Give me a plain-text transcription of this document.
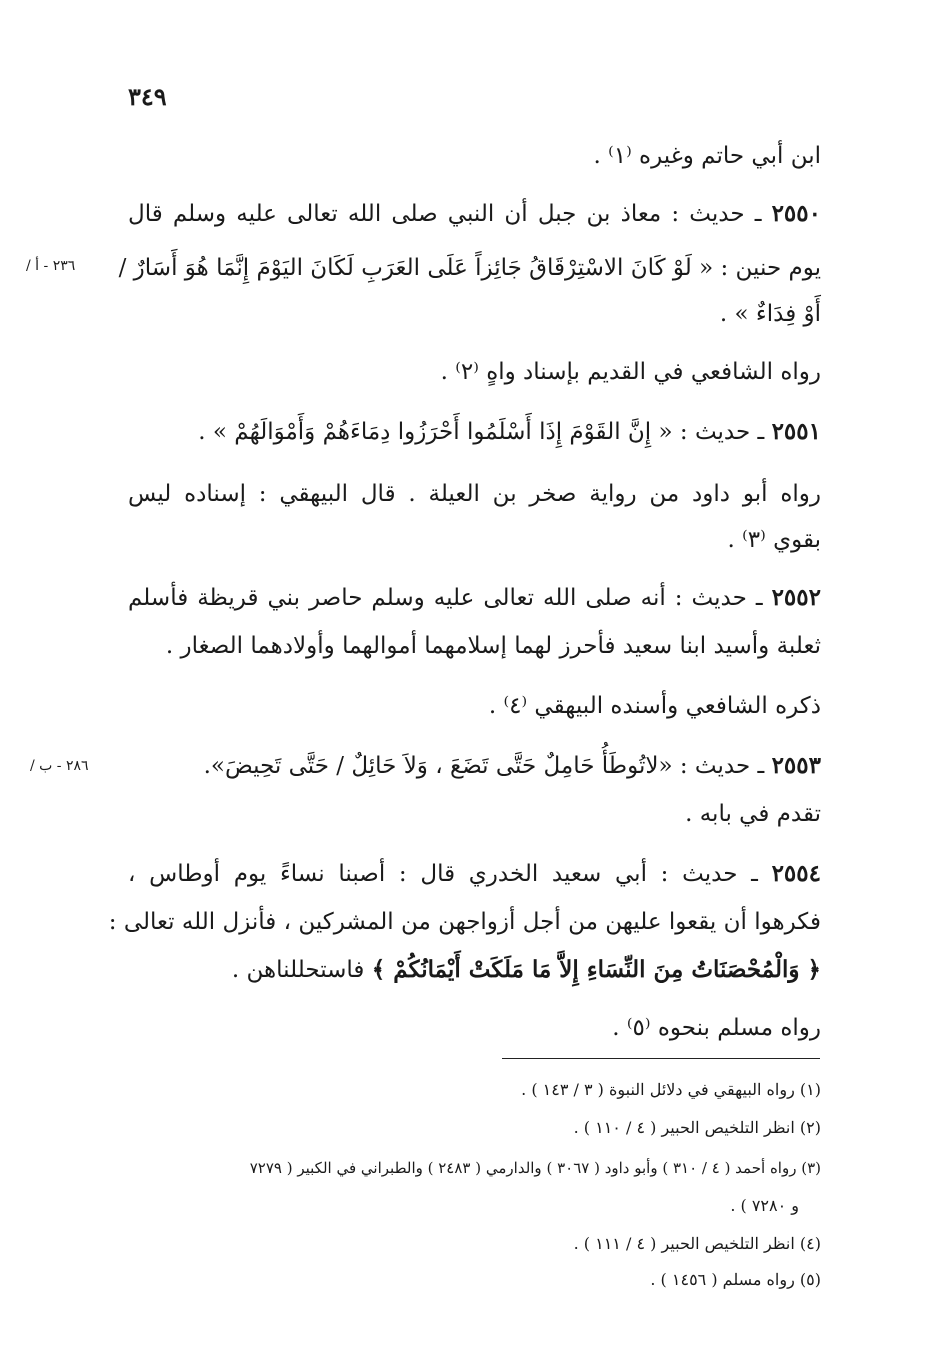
٣٤٩
ابن أبي حاتم وغيره ⁽١⁾ .
٢٥٥٠ ـ حديث : معاذ بن جبل أن النبي صلى الله تعالى عليه وسلم قال
يوم حنين : « لَوْ كَانَ الاسْتِرْقَاقُ جَائِزاً عَلَى العَرَبِ لَكَانَ اليَوْمَ إِنَّمَا هُوَ أَسَارٌ /
٢٣٦ - أ /
أَوْ فِدَاءٌ » .
رواه الشافعي في القديم بإسناد واهٍ ⁽٢⁾ .
٢٥٥١ ـ حديث : « إِنَّ القَوْمَ إِذَا أَسْلَمُوا أَحْرَزُوا دِمَاءَهُمْ وَأَمْوَالَهُمْ » .
رواه أبو داود من رواية صخر بن العيلة . قال البيهقي : إسناده ليس
بقوي ⁽٣⁾ .
٢٥٥٢ ـ حديث : أنه صلى الله تعالى عليه وسلم حاصر بني قريظة فأسلم
ثعلبة وأسيد ابنا سعيد فأحرز لهما إسلامهما أموالهما وأولادهما الصغار .
ذكره الشافعي وأسنده البيهقي ⁽٤⁾ .
٢٥٥٣ ـ حديث : «لاتُوطَأُ حَامِلٌ حَتَّى تَضَعَ ، وَلاَ حَائِلٌ / حَتَّى تَحِيضَ».
٢٨٦ - ب /
تقدم في بابه .
٢٥٥٤ ـ حديث : أبي سعيد الخدري قال : أصبنا نساءً يوم أوطاس ،
فكرهوا أن يقعوا عليهن من أجل أزواجهن من المشركين ، فأنزل الله تعالى :
﴿ وَالْمُحْصَنَاتُ مِنَ النِّسَاءِ إِلاَّ مَا مَلَكَتْ أَيْمَانُكُمْ ﴾ فاستحللناهن .
رواه مسلم بنحوه ⁽٥⁾ .
(١) رواه البيهقي في دلائل النبوة ( ٣ / ١٤٣ ) .
(٢) انظر التلخيص الحبير ( ٤ / ١١٠ ) .
(٣) رواه أحمد ( ٤ / ٣١٠ ) وأبو داود ( ٣٠٦٧ ) والدارمي ( ٢٤٨٣ ) والطبراني في الكبير ( ٧٢٧٩
و ٧٢٨٠ ) .
(٤) انظر التلخيص الحبير ( ٤ / ١١١ ) .
(٥) رواه مسلم ( ١٤٥٦ ) .
